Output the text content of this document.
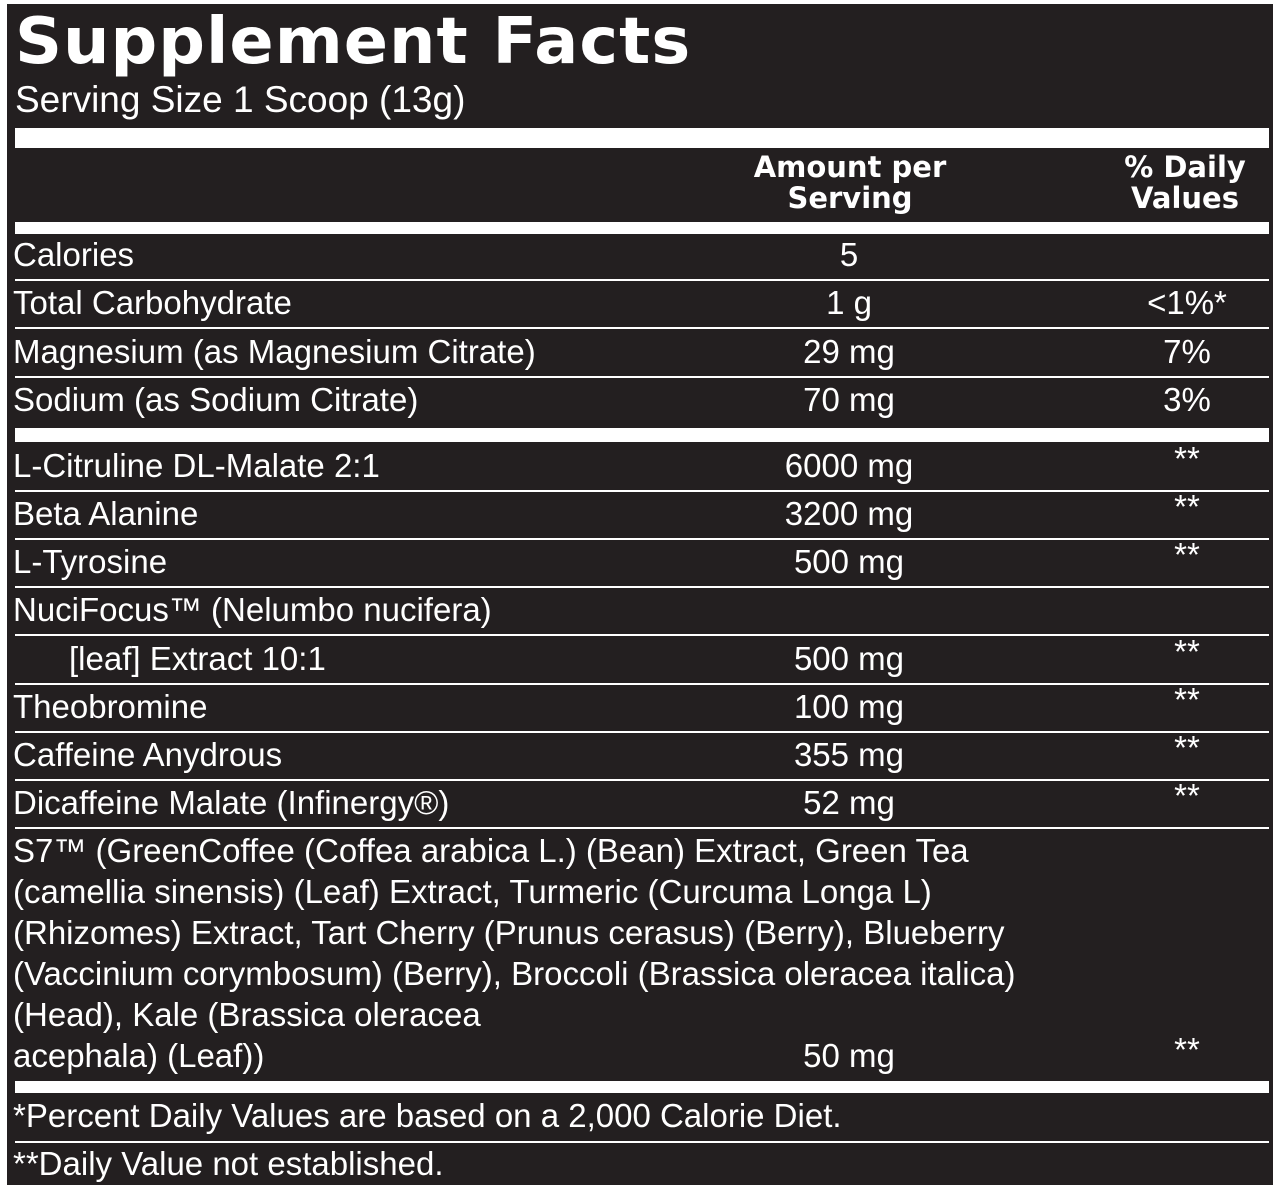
Supplement Facts
Serving Size 1 Scoop (13g)
Amount per
Serving
% Daily
Values
Calories	5
Total Carbohydrate	1 g	<1%*
Magnesium (as Magnesium Citrate)	29 mg	7%
Sodium (as Sodium Citrate)	70 mg	3%
L-Citruline DL-Malate 2:1	6000 mg	**
Beta Alanine	3200 mg	**
L-Tyrosine	500 mg	**
NuciFocus™ (Nelumbo nucifera)
[leaf] Extract 10:1	500 mg	**
Theobromine	100 mg	**
Caffeine Anydrous	355 mg	**
Dicaffeine Malate (Infinergy®)	52 mg	**
S7™ (GreenCoffee (Coffea arabica L.) (Bean) Extract, Green Tea
(camellia sinensis) (Leaf) Extract, Turmeric (Curcuma Longa L)
(Rhizomes) Extract, Tart Cherry (Prunus cerasus) (Berry), Blueberry
(Vaccinium corymbosum) (Berry), Broccoli (Brassica oleracea italica)
(Head), Kale (Brassica oleracea
acephala) (Leaf))	50 mg	**
*Percent Daily Values are based on a 2,000 Calorie Diet.
**Daily Value not established.
